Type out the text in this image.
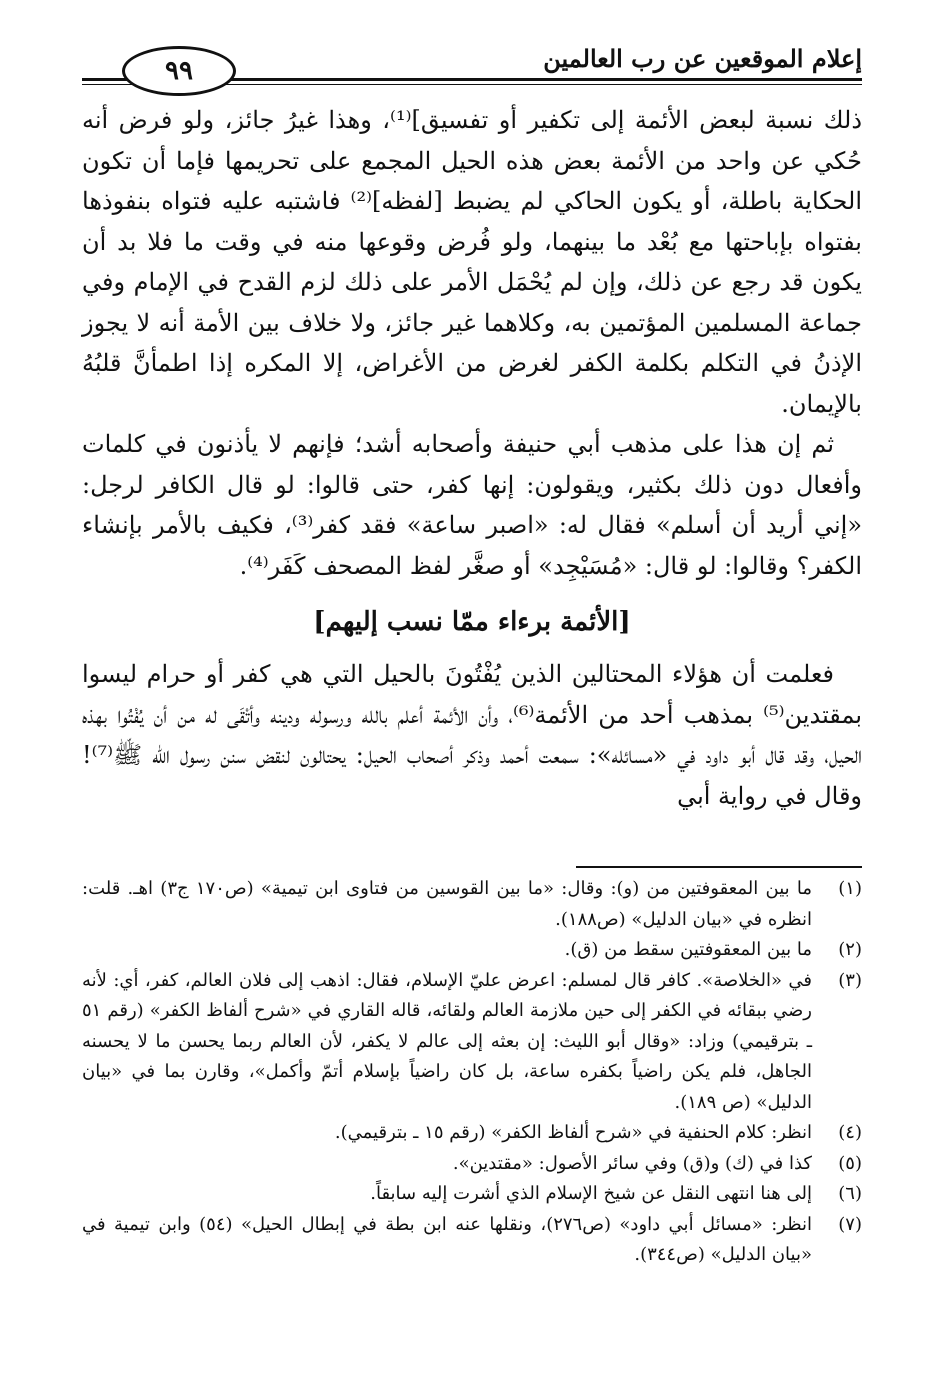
إعلام الموقعين عن رب العالمين
٩٩

ذلك نسبة لبعض الأئمة إلى تكفير أو تفسيق]⁽¹⁾، وهذا غيرُ جائز، ولو فرض أنه حُكي عن واحد من الأئمة بعض هذه الحيل المجمع على تحريمها فإما أن تكون الحكاية باطلة، أو يكون الحاكي لم يضبط [لفظه]⁽²⁾ فاشتبه عليه فتواه بنفوذها بفتواه بإباحتها مع بُعْد ما بينهما، ولو فُرض وقوعها منه في وقت ما فلا بد أن يكون قد رجع عن ذلك، وإن لم يُحْمَل الأمر على ذلك لزم القدح في الإمام وفي جماعة المسلمين المؤتمين به، وكلاهما غير جائز، ولا خلاف بين الأمة أنه لا يجوز الإذنُ في التكلم بكلمة الكفر لغرض من الأغراض، إلا المكره إذا اطمأنَّ قلبُهُ بالإيمان.

ثم إن هذا على مذهب أبي حنيفة وأصحابه أشد؛ فإنهم لا يأذنون في كلمات وأفعال دون ذلك بكثير، ويقولون: إنها كفر، حتى قالوا: لو قال الكافر لرجل: «إني أريد أن أسلم» فقال له: «اصبر ساعة» فقد كفر⁽³⁾، فكيف بالأمر بإنشاء الكفر؟ وقالوا: لو قال: «مُسَيْجِد» أو صغَّر لفظ المصحف كَفَر⁽⁴⁾.

[الأئمة برءاء ممّا نسب إليهم]

فعلمت أن هؤلاء المحتالين الذين يُفْتُونَ بالحيل التي هي كفر أو حرام ليسوا بمقتدين⁽⁵⁾ بمذهب أحد من الأئمة⁽⁶⁾، وأن الأئمة أعلم بالله ورسوله ودينه وأتْقَى له من أن يُفْتُوا بهذه الحيل، وقد قال أبو داود في «مسائله»: سمعت أحمد وذكر أصحاب الحيل: يحتالون لنقض سنن رسول الله ﷺ⁽⁷⁾! وقال في رواية أبي

(١)
ما بين المعقوفتين من (و): وقال: «ما بين القوسين من فتاوى ابن تيمية» (ص١٧٠ ج٣) اهـ. قلت: انظره في «بيان الدليل» (ص١٨٨).
(٢)
ما بين المعقوفتين سقط من (ق).
(٣)
في «الخلاصة». كافر قال لمسلم: اعرض عليّ الإسلام، فقال: اذهب إلى فلان العالم، كفر، أي: لأنه رضي ببقائه في الكفر إلى حين ملازمة العالم ولقائه، قاله القاري في «شرح ألفاظ الكفر» (رقم ٥١ ـ بترقيمي) وزاد: «وقال أبو الليث: إن بعثه إلى عالم لا يكفر، لأن العالم ربما يحسن ما لا يحسنه الجاهل، فلم يكن راضياً بكفره ساعة، بل كان راضياً بإسلام أتمّ وأكمل»، وقارن بما في «بيان الدليل» (ص ١٨٩).
(٤)
انظر: كلام الحنفية في «شرح ألفاظ الكفر» (رقم ١٥ ـ بترقيمي).
(٥)
كذا في (ك) و(ق) وفي سائر الأصول: «مقتدين».
(٦)
إلى هنا انتهى النقل عن شيخ الإسلام الذي أشرت إليه سابقاً.
(٧)
انظر: «مسائل أبي داود» (ص٢٧٦)، ونقلها عنه ابن بطة في إبطال الحيل» (٥٤) وابن تيمية في «بيان الدليل» (ص٣٤٤).
